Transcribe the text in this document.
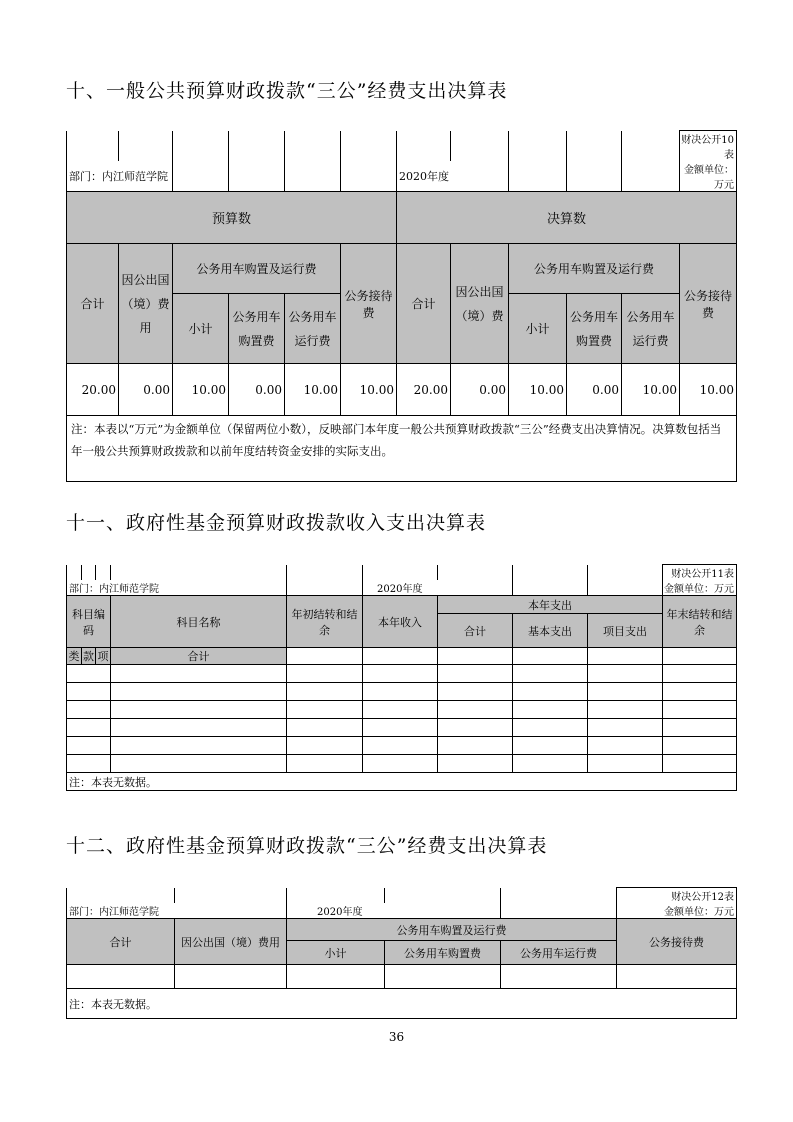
十、一般公共预算财政拨款“三公”经费支出决算表
											财决公开10表
部门：内江师范学院						2020年度					金额单位：万元
预算数						决算数					
合计	因公出国（境）费用	公务用车购置及运行费			公务接待费	合计	因公出国（境）费	公务用车购置及运行费			公务接待费
		小计	公务用车购置费	公务用车运行费				小计	公务用车购置费	公务用车运行费	
20.00	0.00	10.00	0.00	10.00	10.00	20.00	0.00	10.00	0.00	10.00	10.00
注：本表以“万元”为金额单位（保留两位小数），反映部门本年度一般公共预算财政拨款“三公”经费支出决算情况。决算数包括当年一般公共预算财政拨款和以前年度结转资金安排的实际支出。											
十一、政府性基金预算财政拨款收入支出决算表
									财决公开11表
部门：内江师范学院					2020年度				金额单位：万元
科目编码			科目名称	年初结转和结余	本年收入	本年支出			年末结转和结余
						合计	基本支出	项目支出	
类	款	项	合计						

注：本表无数据。									
十二、政府性基金预算财政拨款“三公”经费支出决算表
					财决公开12表
部门：内江师范学院		2020年度			金额单位：万元
合计	因公出国（境）费用	公务用车购置及运行费			公务接待费
		小计	公务用车购置费	公务用车运行费	

注：本表无数据。					
36
